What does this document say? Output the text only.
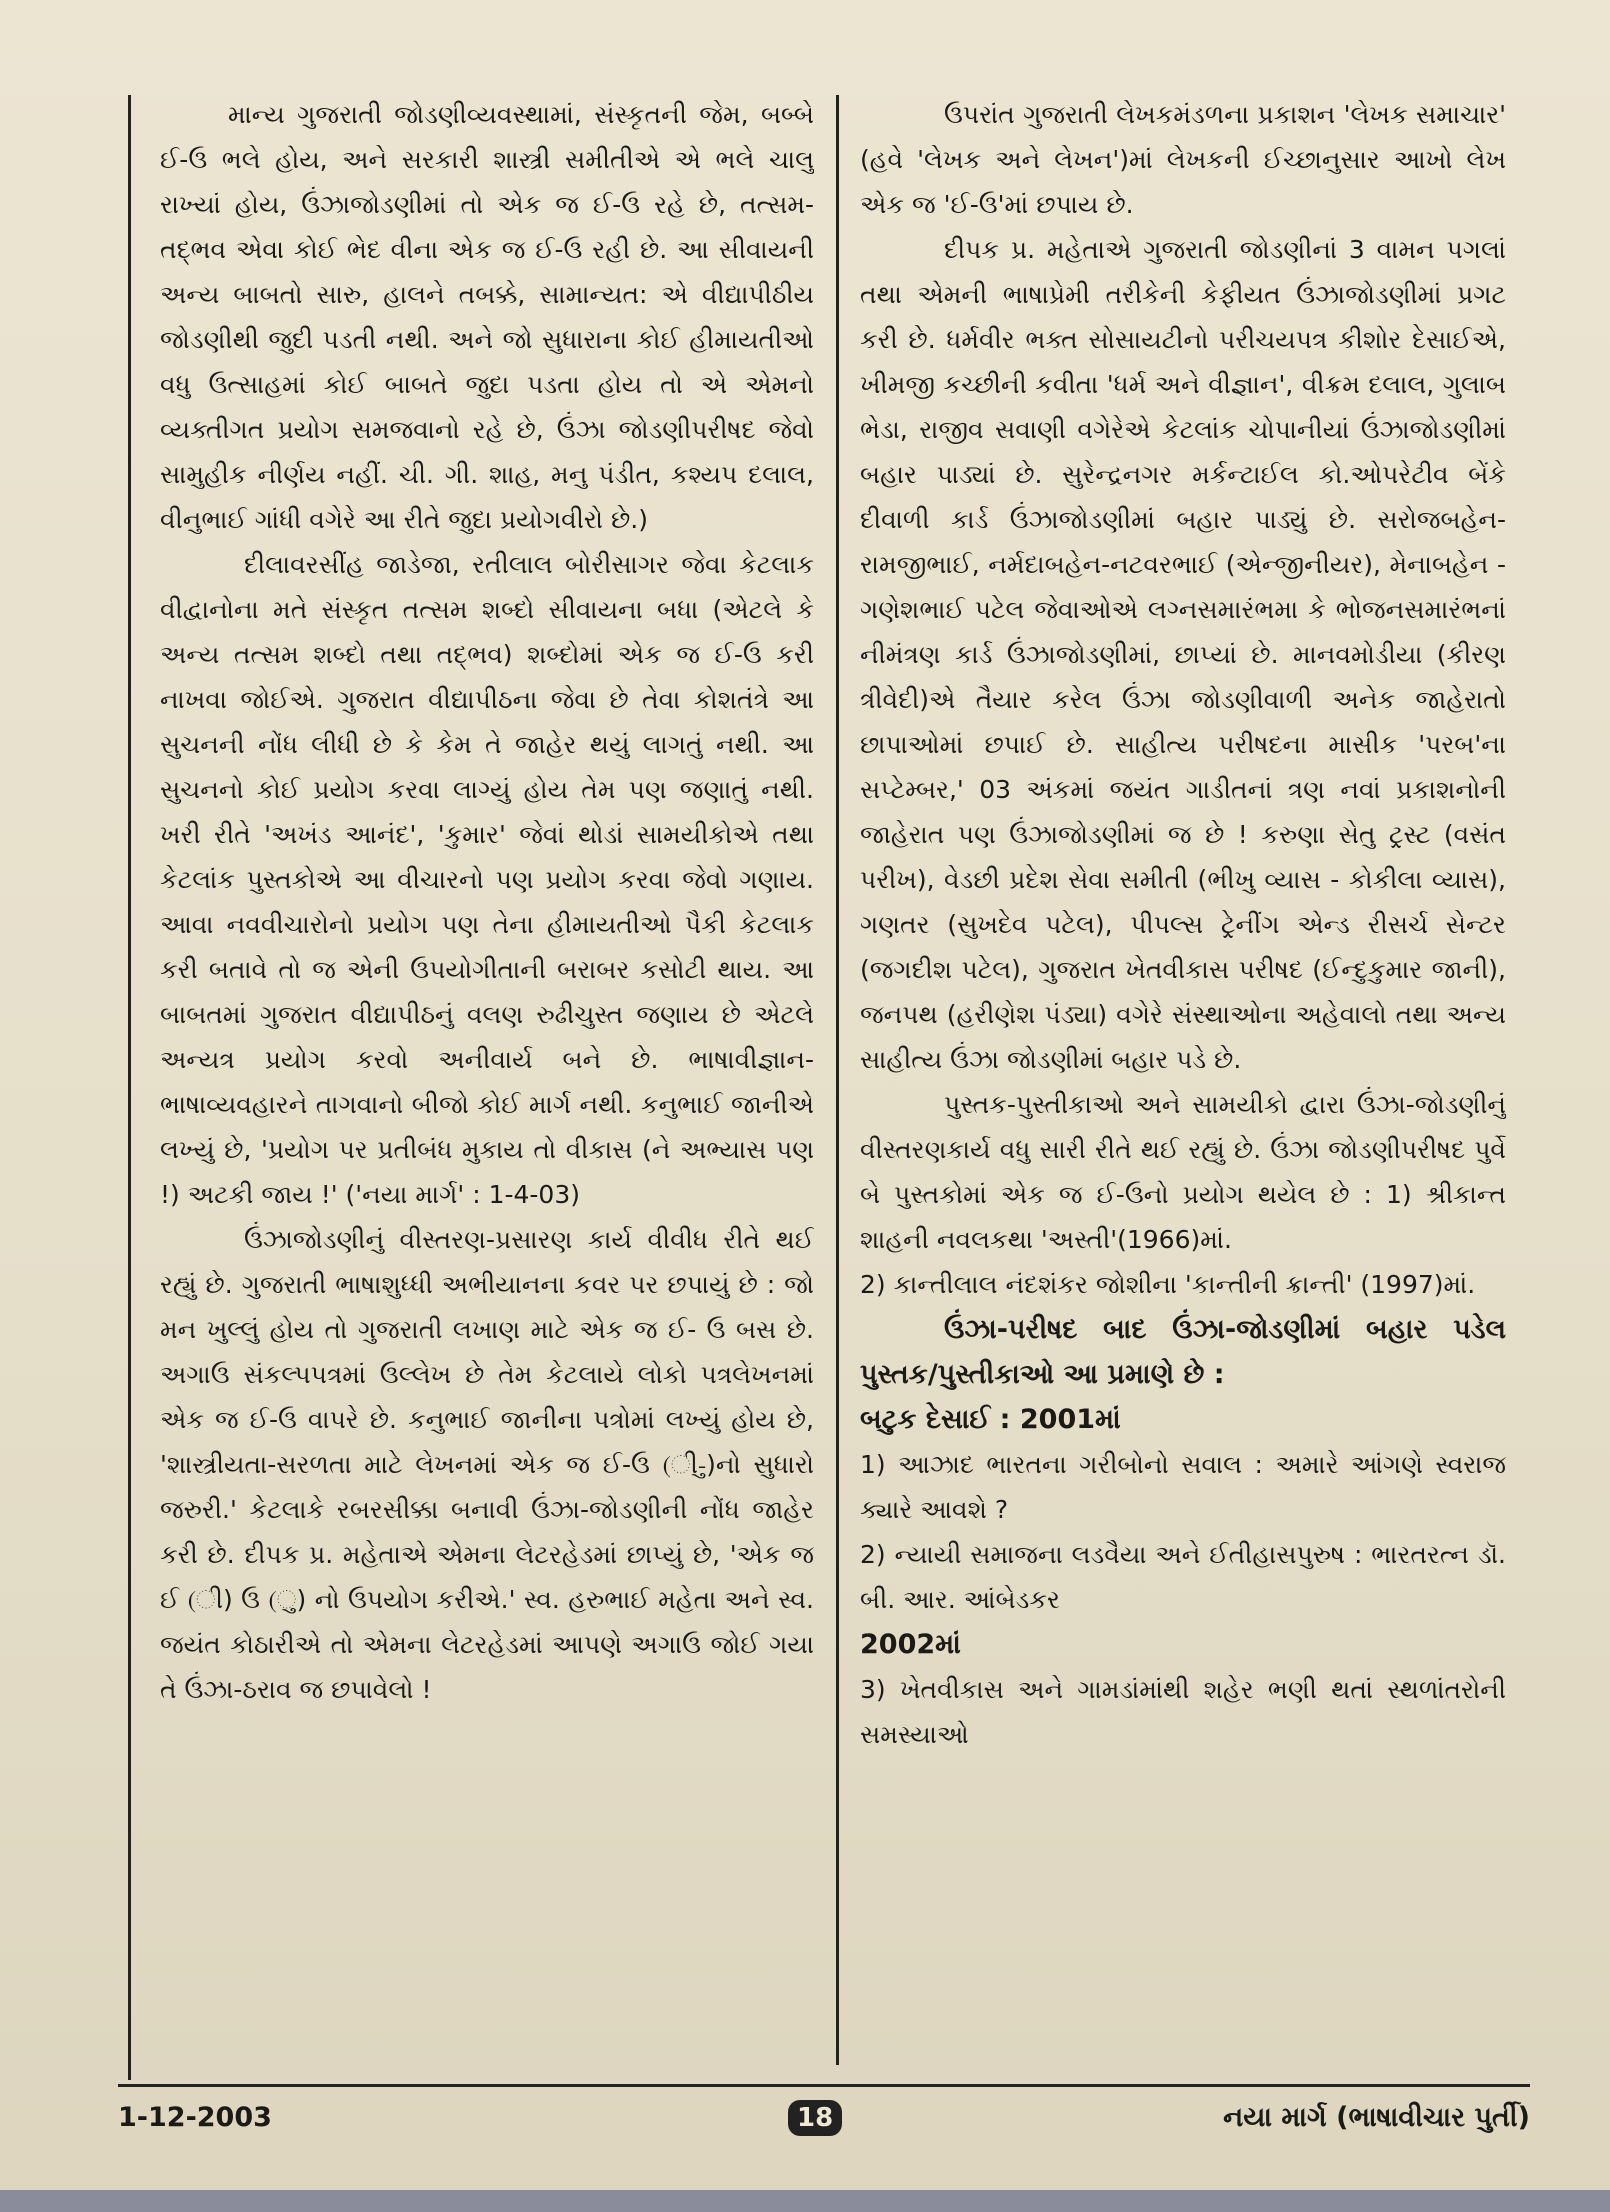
માન્ય ગુજરાતી જોડણીવ્યવસ્થામાં, સંસ્કૃતની જેમ, બબ્બે ઈ-ઉ ભલે હોય, અને સરકારી શાસ્ત્રી સમીતીએ એ ભલે ચાલુ રાખ્યાં હોય, ઉંઝાજોડણીમાં તો એક જ ઈ-ઉ રહે છે, તત્સમ-તદ્ભવ એવા કોઈ ભેદ વીના એક જ ઈ-ઉ રહી છે. આ સીવાયની અન્ય બાબતો સારુ, હાલને તબક્કે, સામાન્યત: એ વીદ્યાપીઠીય જોડણીથી જુદી પડતી નથી. અને જો સુધારાના કોઈ હીમાયતીઓ વધુ ઉત્સાહમાં કોઈ બાબતે જુદા પડતા હોય તો એ એમનો વ્યક્તીગત પ્રયોગ સમજવાનો રહે છે, ઉંઝા જોડણીપરીષદ જેવો સામુહીક નીર્ણય નહીં. ચી. ગી. શાહ, મનુ પંડીત, કશ્યપ દલાલ, વીનુભાઈ ગાંધી વગેરે આ રીતે જુદા પ્રયોગવીરો છે.)

દીલાવરસીંહ જાડેજા, રતીલાલ બોરીસાગર જેવા કેટલાક વીદ્વાનોના મતે સંસ્કૃત તત્સમ શબ્દો સીવાયના બધા (એટલે કે અન્ય તત્સમ શબ્દો તથા તદ્ભવ) શબ્દોમાં એક જ ઈ-ઉ કરી નાખવા જોઈએ. ગુજરાત વીદ્યાપીઠના જેવા છે તેવા કોશતંત્રે આ સુચનની નોંધ લીધી છે કે કેમ તે જાહેર થયું લાગતું નથી. આ સુચનનો કોઈ પ્રયોગ કરવા લાગ્યું હોય તેમ પણ જણાતું નથી. ખરી રીતે 'અખંડ આનંદ', 'કુમાર' જેવાં થોડાં સામયીકોએ તથા કેટલાંક પુસ્તકોએ આ વીચારનો પણ પ્રયોગ કરવા જેવો ગણાય. આવા નવવીચારોનો પ્રયોગ પણ તેના હીમાયતીઓ પૈકી કેટલાક કરી બતાવે તો જ એની ઉપયોગીતાની બરાબર કસોટી થાય. આ બાબતમાં ગુજરાત વીદ્યાપીઠનું વલણ રુઢીચુસ્ત જણાય છે એટલે અન્યત્ર પ્રયોગ કરવો અનીવાર્ય બને છે. ભાષાવીજ્ઞાન-ભાષાવ્યવહારને તાગવાનો બીજો કોઈ માર્ગ નથી. કનુભાઈ જાનીએ લખ્યું છે, 'પ્રયોગ પર પ્રતીબંધ મુકાય તો વીકાસ (ને અભ્યાસ પણ !) અટકી જાય !' ('નયા માર્ગ' : 1-4-03)

ઉંઝાજોડણીનું વીસ્તરણ-પ્રસારણ કાર્ય વીવીધ રીતે થઈ રહ્યું છે. ગુજરાતી ભાષાશુધ્ધી અભીયાનના કવર પર છપાયું છે : જો મન ખુલ્લું હોય તો ગુજરાતી લખાણ માટે એક જ ઈ- ઉ બસ છે. અગાઉ સંકલ્પપત્રમાં ઉલ્લેખ છે તેમ કેટલાયે લોકો પત્રલેખનમાં એક જ ઈ-ઉ વાપરે છે. કનુભાઈ જાનીના પત્રોમાં લખ્યું હોય છે, 'શાસ્ત્રીયતા-સરળતા માટે લેખનમાં એક જ ઈ-ઉ (ી-ુ)નો સુધારો જરુરી.' કેટલાકે રબરસીક્કા બનાવી ઉંઝા-જોડણીની નોંધ જાહેર કરી છે. દીપક પ્ર. મહેતાએ એમના લેટરહેડમાં છાપ્યું છે, 'એક જ ઈ (ી) ઉ (ુ) નો ઉપયોગ કરીએ.' સ્વ. હરુભાઈ મહેતા અને સ્વ. જયંત કોઠારીએ તો એમના લેટરહેડમાં આપણે અગાઉ જોઈ ગયા તે ઉંઝા-ઠરાવ જ છપાવેલો !

ઉપરાંત ગુજરાતી લેખકમંડળના પ્રકાશન 'લેખક સમાચાર' (હવે 'લેખક અને લેખન')માં લેખકની ઈચ્છાનુસાર આખો લેખ એક જ 'ઈ-ઉ'માં છપાય છે.

દીપક પ્ર. મહેતાએ ગુજરાતી જોડણીનાં 3 વામન પગલાં તથા એમની ભાષાપ્રેમી તરીકેની કેફીયત ઉંઝાજોડણીમાં પ્રગટ કરી છે. ધર્મવીર ભક્ત સોસાયટીનો પરીચયપત્ર કીશોર દેસાઈએ, ખીમજી કચ્છીની કવીતા 'ધર્મ અને વીજ્ઞાન', વીક્રમ દલાલ, ગુલાબ ભેડા, રાજીવ સવાણી વગેરેએ કેટલાંક ચોપાનીયાં ઉંઝાજોડણીમાં બહાર પાડ્યાં છે. સુરેન્દ્રનગર મર્કન્ટાઈલ કો.ઓપરેટીવ બેંકે દીવાળી કાર્ડ ઉંઝાજોડણીમાં બહાર પાડ્યું છે. સરોજબહેન-રામજીભાઈ, નર્મદાબહેન-નટવરભાઈ (એન્જીનીયર), મેનાબહેન - ગણેશભાઈ પટેલ જેવાઓએ લગ્નસમારંભમા કે ભોજનસમારંભનાં નીમંત્રણ કાર્ડ ઉંઝાજોડણીમાં, છાપ્યાં છે. માનવમોડીયા (કીરણ ત્રીવેદી)એ તૈયાર કરેલ ઉંઝા જોડણીવાળી અનેક જાહેરાતો છાપાઓમાં છપાઈ છે. સાહીત્ય પરીષદના માસીક 'પરબ'ના સપ્ટેમ્બર,' 03 અંકમાં જયંત ગાડીતનાં ત્રણ નવાં પ્રકાશનોની જાહેરાત પણ ઉંઝાજોડણીમાં જ છે ! કરુણા સેતુ ટ્રસ્ટ (વસંત પરીખ), વેડછી પ્રદેશ સેવા સમીતી (ભીખુ વ્યાસ - કોકીલા વ્યાસ), ગણતર (સુખદેવ પટેલ), પીપલ્સ ટ્રેનીંગ એન્ડ રીસર્ચ સેન્ટર (જગદીશ પટેલ), ગુજરાત ખેતવીકાસ પરીષદ (ઈન્દુકુમાર જાની), જનપથ (હરીણેશ પંડ્યા) વગેરે સંસ્થાઓના અહેવાલો તથા અન્ય સાહીત્ય ઉંઝા જોડણીમાં બહાર પડે છે.

પુસ્તક-પુસ્તીકાઓ અને સામયીકો દ્વારા ઉંઝા-જોડણીનું વીસ્તરણકાર્ય વધુ સારી રીતે થઈ રહ્યું છે. ઉંઝા જોડણીપરીષદ પુર્વે બે પુસ્તકોમાં એક જ ઈ-ઉનો પ્રયોગ થયેલ છે : 1) શ્રીકાન્ત શાહની નવલકથા 'અસ્તી'(1966)માં.

2) કાન્તીલાલ નંદશંકર જોશીના 'કાન્તીની ક્રાન્તી' (1997)માં.

ઉંઝા-પરીષદ બાદ ઉંઝા-જોડણીમાં બહાર પડેલ પુસ્તક/પુસ્તીકાઓ આ પ્રમાણે છે :

બટુક દેસાઈ : 2001માં

1) આઝાદ ભારતના ગરીબોનો સવાલ : અમારે આંગણે સ્વરાજ ક્યારે આવશે ?

2) ન્યાયી સમાજના લડવૈયા અને ઈતીહાસપુરુષ : ભારતરત્ન ડૉ. બી. આર. આંબેડકર

2002માં

3) ખેતવીકાસ અને ગામડાંમાંથી શહેર ભણી થતાં સ્થળાંતરોની સમસ્યાઓ

1-12-2003	18	નયા માર્ગ (ભાષાવીચાર પુર્તી)
